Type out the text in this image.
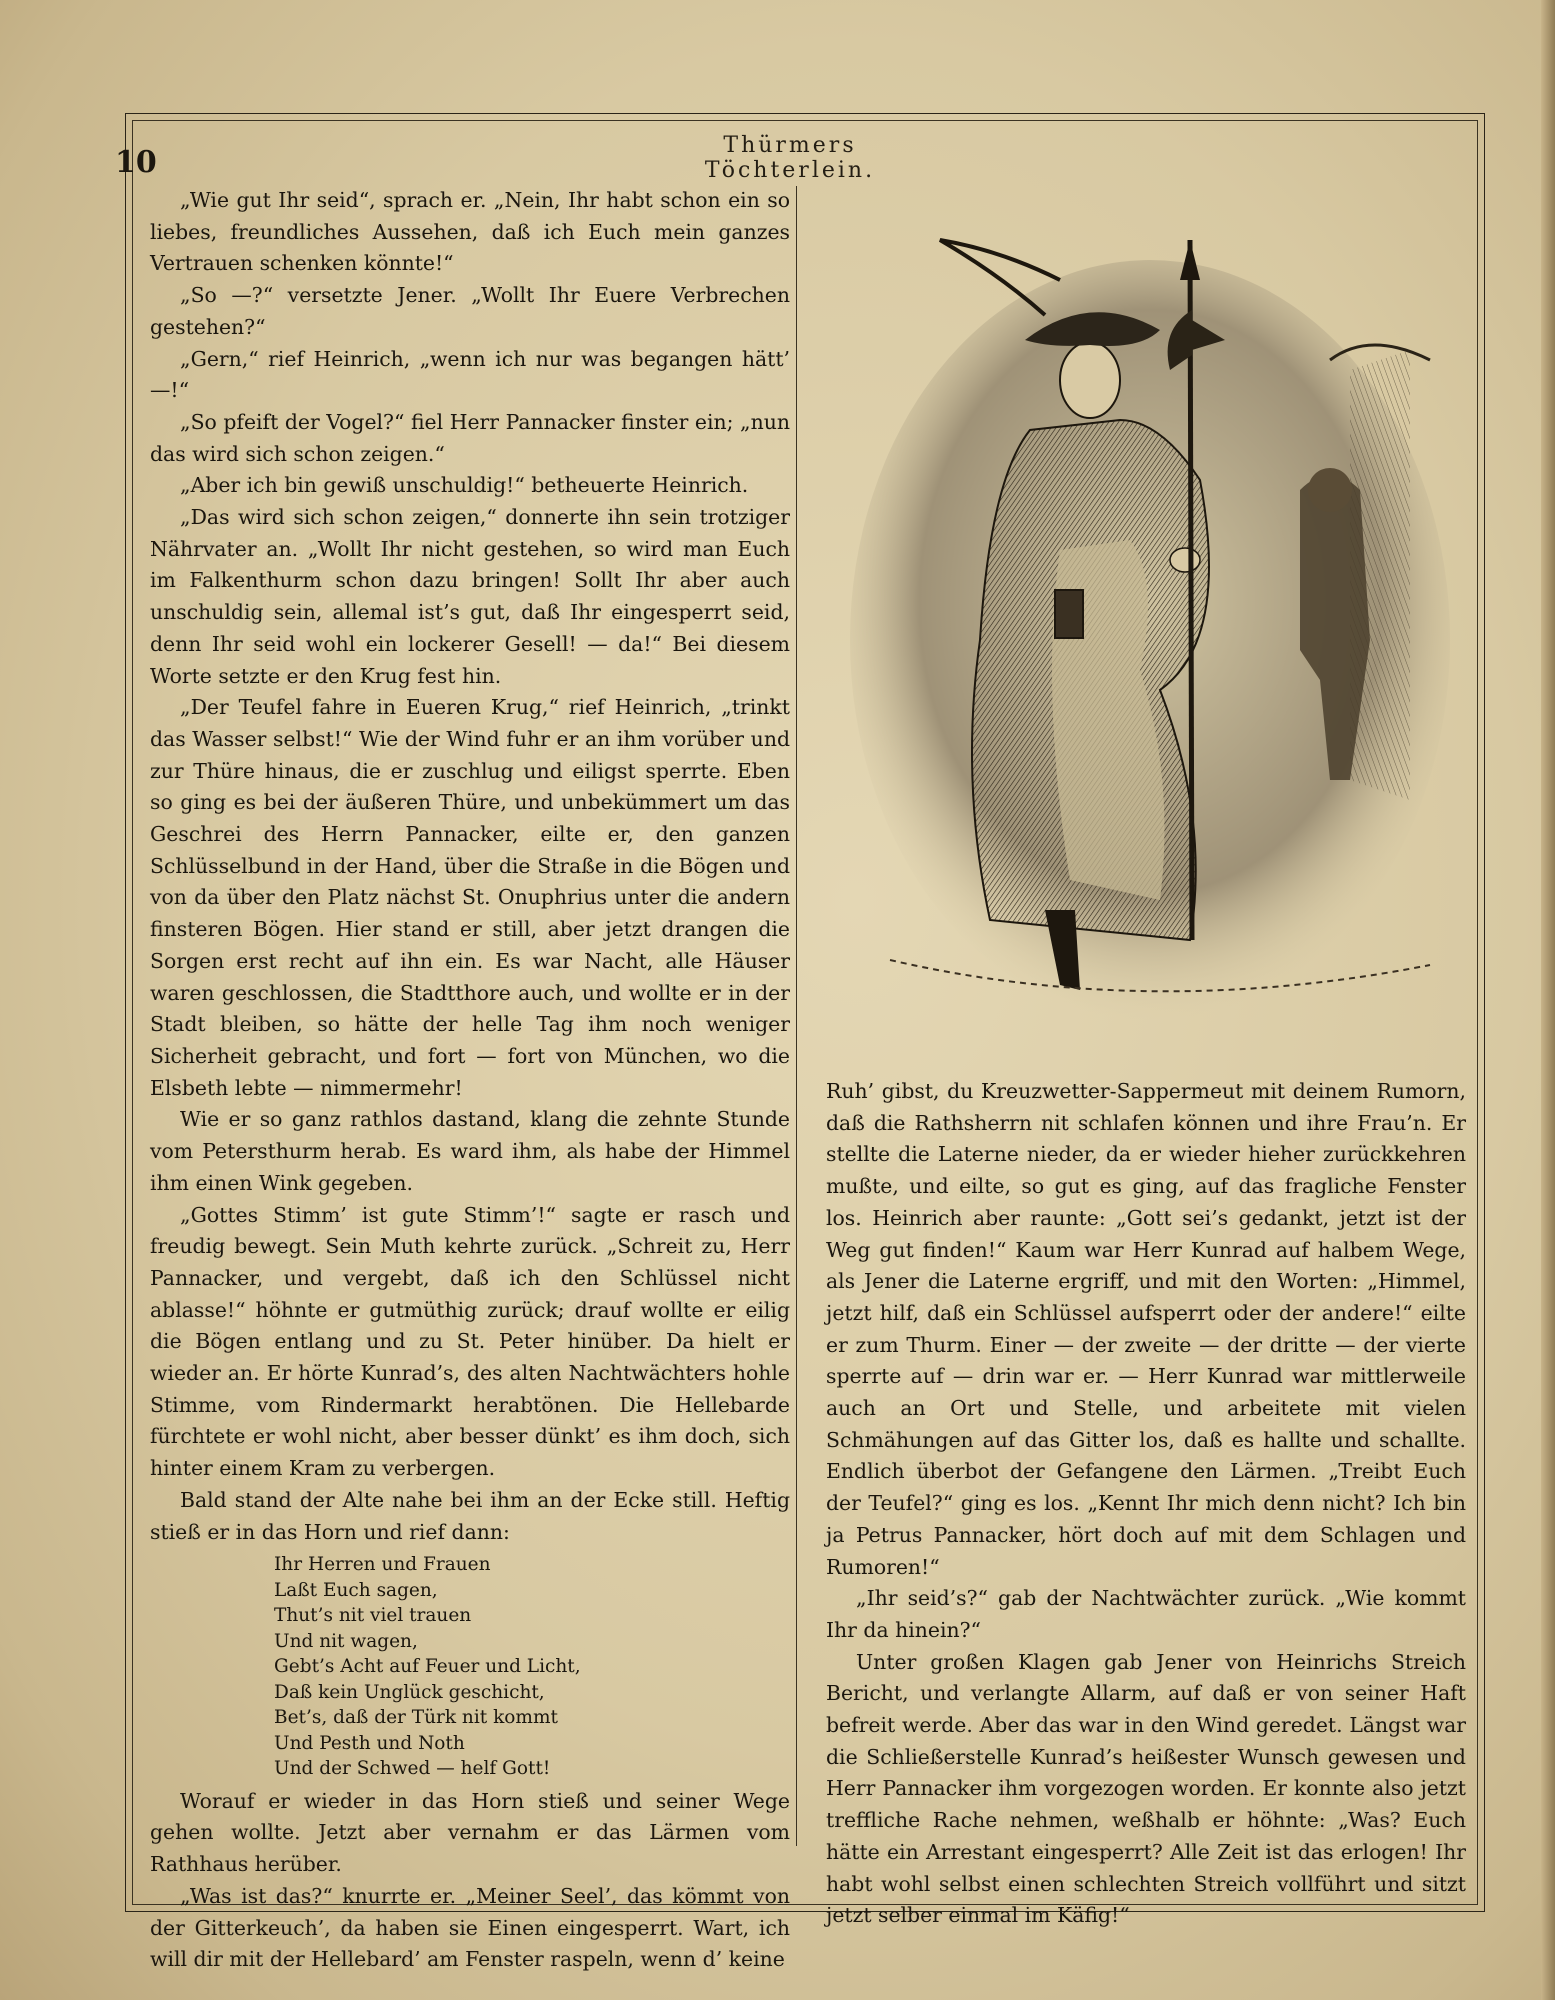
10	Thürmers Töchterlein.

„Wie gut Ihr seid“, sprach er. „Nein, Ihr habt schon ein so liebes, freundliches Aussehen, daß ich Euch mein ganzes Vertrauen schenken könnte!“

„So —?“ versetzte Jener. „Wollt Ihr Euere Verbrechen gestehen?“

„Gern,“ rief Heinrich, „wenn ich nur was begangen hätt’ —!“

„So pfeift der Vogel?“ fiel Herr Pannacker finster ein; „nun das wird sich schon zeigen.“

„Aber ich bin gewiß unschuldig!“ betheuerte Heinrich.

„Das wird sich schon zeigen,“ donnerte ihn sein trotziger Nährvater an. „Wollt Ihr nicht gestehen, so wird man Euch im Falkenthurm schon dazu bringen! Sollt Ihr aber auch unschuldig sein, allemal ist’s gut, daß Ihr eingesperrt seid, denn Ihr seid wohl ein lockerer Gesell! — da!“ Bei diesem Worte setzte er den Krug fest hin.

„Der Teufel fahre in Eueren Krug,“ rief Heinrich, „trinkt das Wasser selbst!“ Wie der Wind fuhr er an ihm vorüber und zur Thüre hinaus, die er zuschlug und eiligst sperrte. Eben so ging es bei der äußeren Thüre, und unbekümmert um das Geschrei des Herrn Pannacker, eilte er, den ganzen Schlüsselbund in der Hand, über die Straße in die Bögen und von da über den Platz nächst St. Onuphrius unter die andern finsteren Bögen. Hier stand er still, aber jetzt drangen die Sorgen erst recht auf ihn ein. Es war Nacht, alle Häuser waren geschlossen, die Stadtthore auch, und wollte er in der Stadt bleiben, so hätte der helle Tag ihm noch weniger Sicherheit gebracht, und fort — fort von München, wo die Elsbeth lebte — nimmermehr!

Wie er so ganz rathlos dastand, klang die zehnte Stunde vom Petersthurm herab. Es ward ihm, als habe der Himmel ihm einen Wink gegeben.

„Gottes Stimm’ ist gute Stimm’!“ sagte er rasch und freudig bewegt. Sein Muth kehrte zurück. „Schreit zu, Herr Pannacker, und vergebt, daß ich den Schlüssel nicht ablasse!“ höhnte er gutmüthig zurück; drauf wollte er eilig die Bögen entlang und zu St. Peter hinüber. Da hielt er wieder an. Er hörte Kunrad’s, des alten Nachtwächters hohle Stimme, vom Rindermarkt herabtönen. Die Hellebarde fürchtete er wohl nicht, aber besser dünkt’ es ihm doch, sich hinter einem Kram zu verbergen.

Bald stand der Alte nahe bei ihm an der Ecke still. Heftig stieß er in das Horn und rief dann:

Ihr Herren und Frauen
Laßt Euch sagen,
Thut’s nit viel trauen
Und nit wagen,
Gebt’s Acht auf Feuer und Licht,
Daß kein Unglück geschicht,
Bet’s, daß der Türk nit kommt
Und Pesth und Noth
Und der Schwed — helf Gott!

Worauf er wieder in das Horn stieß und seiner Wege gehen wollte. Jetzt aber vernahm er das Lärmen vom Rathhaus herüber.

„Was ist das?“ knurrte er. „Meiner Seel’, das kömmt von der Gitterkeuch’, da haben sie Einen eingesperrt. Wart, ich will dir mit der Hellebard’ am Fenster raspeln, wenn d’ keine

Ruh’ gibst, du Kreuzwetter-Sappermeut mit deinem Rumorn, daß die Rathsherrn nit schlafen können und ihre Frau’n. Er stellte die Laterne nieder, da er wieder hieher zurückkehren mußte, und eilte, so gut es ging, auf das fragliche Fenster los. Heinrich aber raunte: „Gott sei’s gedankt, jetzt ist der Weg gut finden!“ Kaum war Herr Kunrad auf halbem Wege, als Jener die Laterne ergriff, und mit den Worten: „Himmel, jetzt hilf, daß ein Schlüssel aufsperrt oder der andere!“ eilte er zum Thurm. Einer — der zweite — der dritte — der vierte sperrte auf — drin war er. — Herr Kunrad war mittlerweile auch an Ort und Stelle, und arbeitete mit vielen Schmähungen auf das Gitter los, daß es hallte und schallte. Endlich überbot der Gefangene den Lärmen. „Treibt Euch der Teufel?“ ging es los. „Kennt Ihr mich denn nicht? Ich bin ja Petrus Pannacker, hört doch auf mit dem Schlagen und Rumoren!“

„Ihr seid’s?“ gab der Nachtwächter zurück. „Wie kommt Ihr da hinein?“

Unter großen Klagen gab Jener von Heinrichs Streich Bericht, und verlangte Allarm, auf daß er von seiner Haft befreit werde. Aber das war in den Wind geredet. Längst war die Schließerstelle Kunrad’s heißester Wunsch gewesen und Herr Pannacker ihm vorgezogen worden. Er konnte also jetzt treffliche Rache nehmen, weßhalb er höhnte: „Was? Euch hätte ein Arrestant eingesperrt? Alle Zeit ist das erlogen! Ihr habt wohl selbst einen schlechten Streich vollführt und sitzt jetzt selber einmal im Käfig!“
